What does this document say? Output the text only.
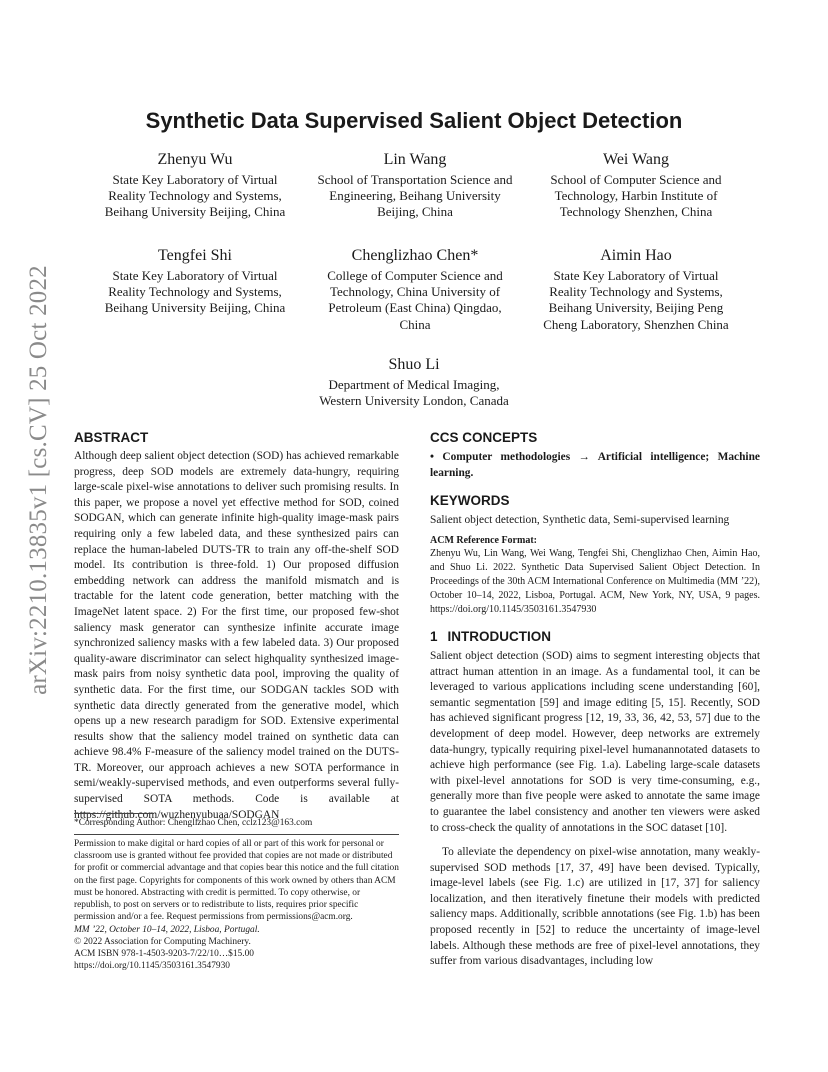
arXiv:2210.13835v1 [cs.CV] 25 Oct 2022
Synthetic Data Supervised Salient Object Detection
Zhenyu Wu
State Key Laboratory of Virtual Reality Technology and Systems, Beihang University Beijing, China
Lin Wang
School of Transportation Science and Engineering, Beihang University Beijing, China
Wei Wang
School of Computer Science and Technology, Harbin Institute of Technology Shenzhen, China
Tengfei Shi
State Key Laboratory of Virtual Reality Technology and Systems, Beihang University Beijing, China
Chenglizhao Chen*
College of Computer Science and Technology, China University of Petroleum (East China) Qingdao, China
Aimin Hao
State Key Laboratory of Virtual Reality Technology and Systems, Beihang University, Beijing Peng Cheng Laboratory, Shenzhen China
Shuo Li
Department of Medical Imaging, Western University London, Canada
ABSTRACT
Although deep salient object detection (SOD) has achieved remarkable progress, deep SOD models are extremely data-hungry, requiring large-scale pixel-wise annotations to deliver such promising results. In this paper, we propose a novel yet effective method for SOD, coined SODGAN, which can generate infinite high-quality image-mask pairs requiring only a few labeled data, and these synthesized pairs can replace the human-labeled DUTS-TR to train any off-the-shelf SOD model. Its contribution is three-fold. 1) Our proposed diffusion embedding network can address the manifold mismatch and is tractable for the latent code generation, better matching with the ImageNet latent space. 2) For the first time, our proposed few-shot saliency mask generator can synthesize infinite accurate image synchronized saliency masks with a few labeled data. 3) Our proposed quality-aware discriminator can select highquality synthesized image-mask pairs from noisy synthetic data pool, improving the quality of synthetic data. For the first time, our SODGAN tackles SOD with synthetic data directly generated from the generative model, which opens up a new research paradigm for SOD. Extensive experimental results show that the saliency model trained on synthetic data can achieve 98.4% F-measure of the saliency model trained on the DUTS-TR. Moreover, our approach achieves a new SOTA performance in semi/weakly-supervised methods, and even outperforms several fully-supervised SOTA methods. Code is available at https://github.com/wuzhenyubuaa/SODGAN
*Corresponding Author: Chenglizhao Chen, cclz123@163.com
Permission to make digital or hard copies of all or part of this work for personal or classroom use is granted without fee provided that copies are not made or distributed for profit or commercial advantage and that copies bear this notice and the full citation on the first page. Copyrights for components of this work owned by others than ACM must be honored. Abstracting with credit is permitted. To copy otherwise, or republish, to post on servers or to redistribute to lists, requires prior specific permission and/or a fee. Request permissions from permissions@acm.org.
MM ’22, October 10–14, 2022, Lisboa, Portugal.
© 2022 Association for Computing Machinery.
ACM ISBN 978-1-4503-9203-7/22/10…$15.00
https://doi.org/10.1145/3503161.3547930
CCS CONCEPTS
• Computer methodologies → Artificial intelligence; Machine learning.
KEYWORDS
Salient object detection, Synthetic data, Semi-supervised learning
ACM Reference Format:
Zhenyu Wu, Lin Wang, Wei Wang, Tengfei Shi, Chenglizhao Chen, Aimin Hao, and Shuo Li. 2022. Synthetic Data Supervised Salient Object Detection. In Proceedings of the 30th ACM International Conference on Multimedia (MM ’22), October 10–14, 2022, Lisboa, Portugal. ACM, New York, NY, USA, 9 pages. https://doi.org/10.1145/3503161.3547930
1 INTRODUCTION
Salient object detection (SOD) aims to segment interesting objects that attract human attention in an image. As a fundamental tool, it can be leveraged to various applications including scene understanding [60], semantic segmentation [59] and image editing [5, 15]. Recently, SOD has achieved significant progress [12, 19, 33, 36, 42, 53, 57] due to the development of deep model. However, deep networks are extremely data-hungry, typically requiring pixel-level humanannotated datasets to achieve high performance (see Fig. 1.a). Labeling large-scale datasets with pixel-level annotations for SOD is very time-consuming, e.g., generally more than five people were asked to annotate the same image to guarantee the label consistency and another ten viewers were asked to cross-check the quality of annotations in the SOC dataset [10].
To alleviate the dependency on pixel-wise annotation, many weakly-supervised SOD methods [17, 37, 49] have been devised. Typically, image-level labels (see Fig. 1.c) are utilized in [17, 37] for saliency localization, and then iteratively finetune their models with predicted saliency maps. Additionally, scribble annotations (see Fig. 1.b) has been proposed recently in [52] to reduce the uncertainty of image-level labels. Although these methods are free of pixel-level annotations, they suffer from various disadvantages, including low
